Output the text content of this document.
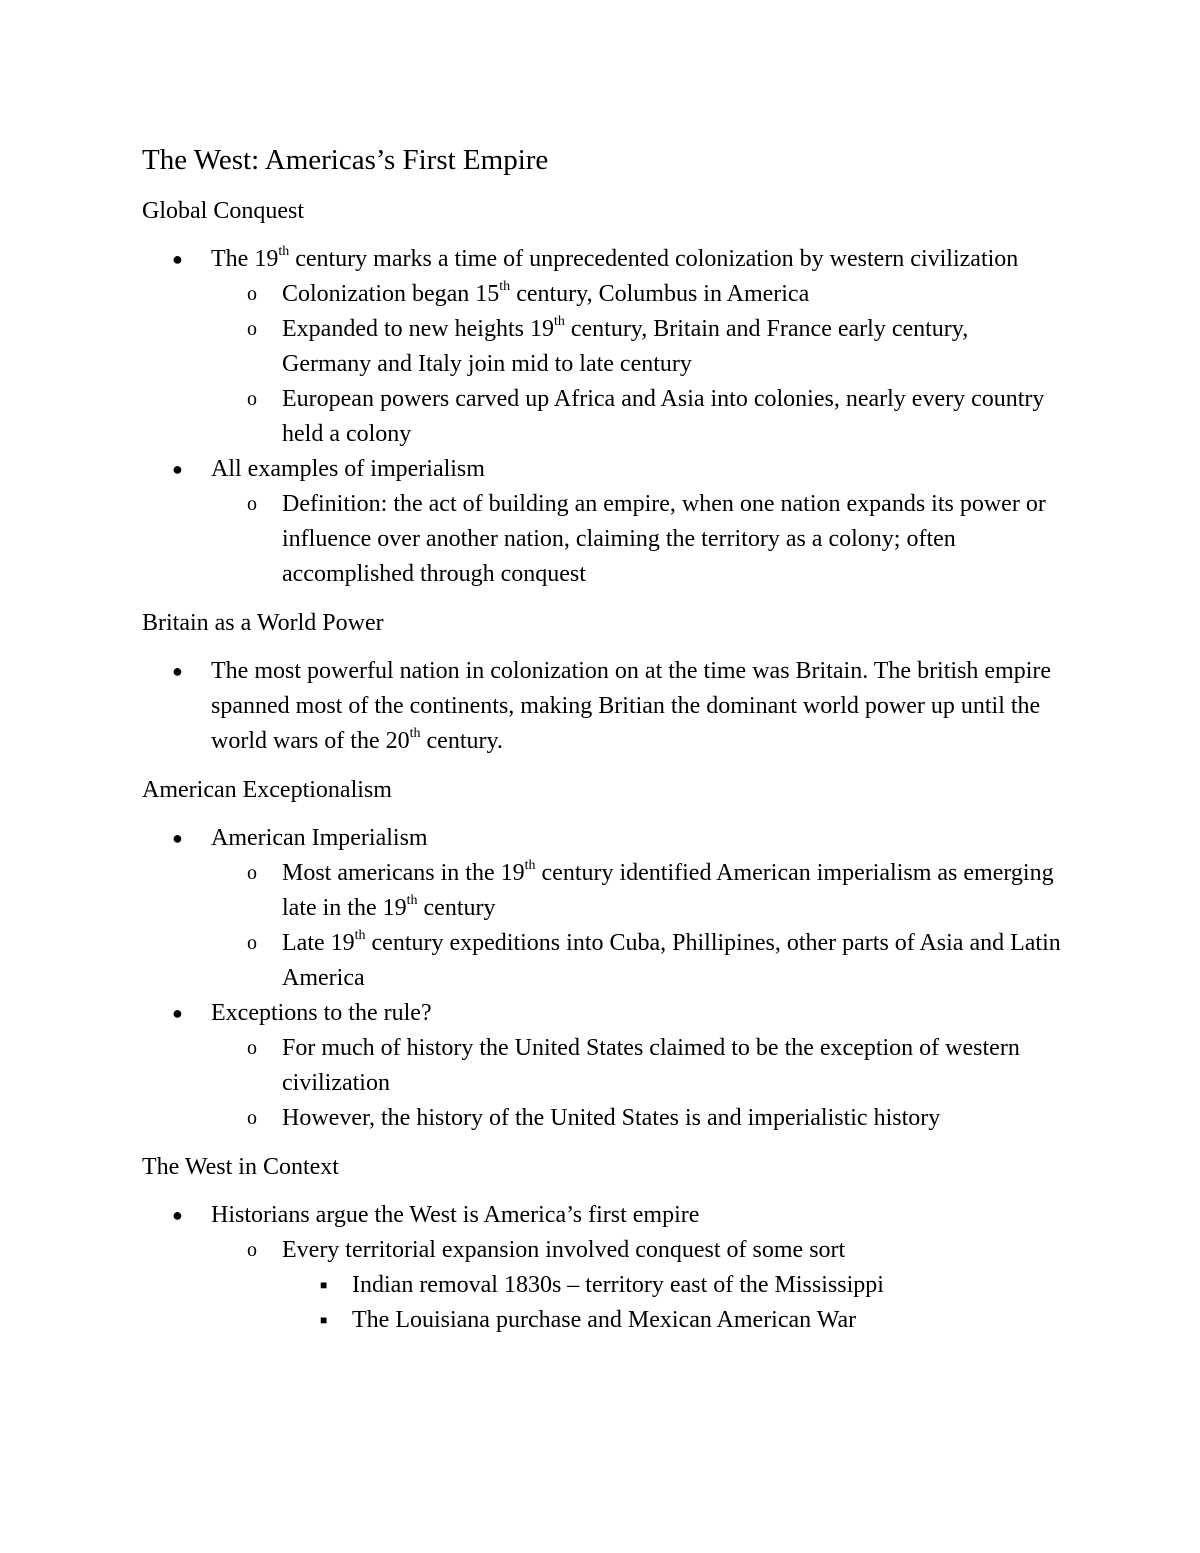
The West: Americas’s First Empire
Global Conquest
● The 19th century marks a time of unprecedented colonization by western civilization
o Colonization began 15th century, Columbus in America
o Expanded to new heights 19th century, Britain and France early century, Germany and Italy join mid to late century
o European powers carved up Africa and Asia into colonies, nearly every country held a colony
● All examples of imperialism
o Definition: the act of building an empire, when one nation expands its power or influence over another nation, claiming the territory as a colony; often accomplished through conquest
Britain as a World Power
● The most powerful nation in colonization on at the time was Britain. The british empire spanned most of the continents, making Britian the dominant world power up until the world wars of the 20th century.
American Exceptionalism
● American Imperialism
o Most americans in the 19th century identified American imperialism as emerging late in the 19th century
o Late 19th century expeditions into Cuba, Phillipines, other parts of Asia and Latin America
● Exceptions to the rule?
o For much of history the United States claimed to be the exception of western civilization
o However, the history of the United States is and imperialistic history
The West in Context
● Historians argue the West is America’s first empire
o Every territorial expansion involved conquest of some sort
■ Indian removal 1830s – territory east of the Mississippi
■ The Louisiana purchase and Mexican American War
